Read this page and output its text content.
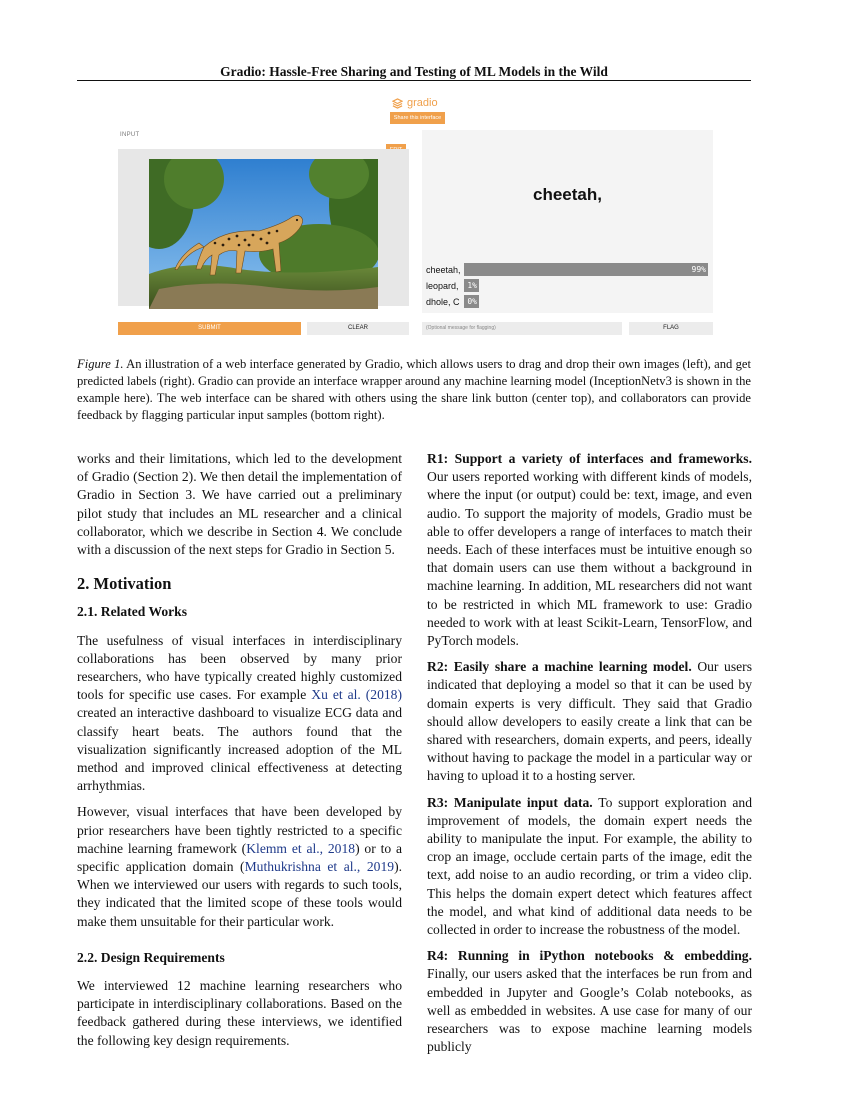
Gradio: Hassle-Free Sharing and Testing of ML Models in the Wild
gradio
Share this interface
INPUT
cheetah,
cheetah,	99%
leopard,	1%
dhole, C 0%
SUBMIT	CLEAR	(Optional message for flagging)	FLAG
Figure 1. An illustration of a web interface generated by Gradio, which allows users to drag and drop their own images (left), and get predicted labels (right). Gradio can provide an interface wrapper around any machine learning model (InceptionNetv3 is shown in the example here). The web interface can be shared with others using the share link button (center top), and collaborators can provide feedback by flagging particular input samples (bottom right).

works and their limitations, which led to the development of Gradio (Section 2). We then detail the implementation of Gradio in Section 3. We have carried out a preliminary pilot study that includes an ML researcher and a clinical collaborator, which we describe in Section 4. We conclude with a discussion of the next steps for Gradio in Section 5.

2. Motivation
2.1. Related Works

The usefulness of visual interfaces in interdisciplinary collaborations has been observed by many prior researchers, who have typically created highly customized tools for specific use cases. For example Xu et al. (2018) created an interactive dashboard to visualize ECG data and classify heart beats. The authors found that the visualization significantly increased adoption of the ML method and improved clinical effectiveness at detecting arrhythmias.

However, visual interfaces that have been developed by prior researchers have been tightly restricted to a specific machine learning framework (Klemm et al., 2018) or to a specific application domain (Muthukrishna et al., 2019). When we interviewed our users with regards to such tools, they indicated that the limited scope of these tools would make them unsuitable for their particular work.

2.2. Design Requirements

We interviewed 12 machine learning researchers who participate in interdisciplinary collaborations. Based on the feedback gathered during these interviews, we identified the following key design requirements.

R1: Support a variety of interfaces and frameworks. Our users reported working with different kinds of models, where the input (or output) could be: text, image, and even audio. To support the majority of models, Gradio must be able to offer developers a range of interfaces to match their needs. Each of these interfaces must be intuitive enough so that domain users can use them without a background in machine learning. In addition, ML researchers did not want to be restricted in which ML framework to use: Gradio needed to work with at least Scikit-Learn, TensorFlow, and PyTorch models.

R2: Easily share a machine learning model. Our users indicated that deploying a model so that it can be used by domain experts is very difficult. They said that Gradio should allow developers to easily create a link that can be shared with researchers, domain experts, and peers, ideally without having to package the model in a particular way or having to upload it to a hosting server.

R3: Manipulate input data. To support exploration and improvement of models, the domain expert needs the ability to manipulate the input. For example, the ability to crop an image, occlude certain parts of the image, edit the text, add noise to an audio recording, or trim a video clip. This helps the domain expert detect which features affect the model, and what kind of additional data needs to be collected in order to increase the robustness of the model.

R4: Running in iPython notebooks & embedding. Finally, our users asked that the interfaces be run from and embedded in Jupyter and Google’s Colab notebooks, as well as embedded in websites. A use case for many of our researchers was to expose machine learning models publicly
